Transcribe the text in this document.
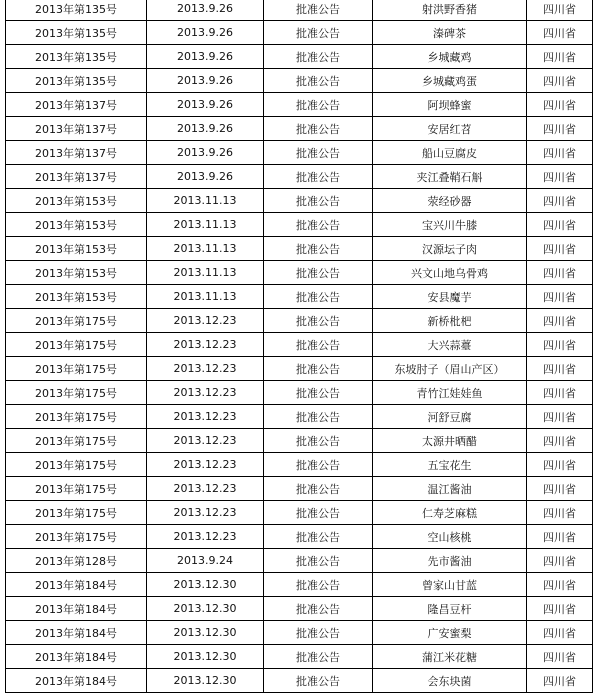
2013年第135号	2013.9.26	批准公告	射洪野香猪	四川省
2013年第135号	2013.9.26	批准公告	溱碑茶	四川省
2013年第135号	2013.9.26	批准公告	乡城藏鸡	四川省
2013年第135号	2013.9.26	批准公告	乡城藏鸡蛋	四川省
2013年第137号	2013.9.26	批准公告	阿坝蜂蜜	四川省
2013年第137号	2013.9.26	批准公告	安居红苕	四川省
2013年第137号	2013.9.26	批准公告	船山豆腐皮	四川省
2013年第137号	2013.9.26	批准公告	夹江叠鞘石斛	四川省
2013年第153号	2013.11.13	批准公告	荥经砂器	四川省
2013年第153号	2013.11.13	批准公告	宝兴川牛膝	四川省
2013年第153号	2013.11.13	批准公告	汉源坛子肉	四川省
2013年第153号	2013.11.13	批准公告	兴文山地乌骨鸡	四川省
2013年第153号	2013.11.13	批准公告	安县魔芋	四川省
2013年第175号	2013.12.23	批准公告	新桥枇杷	四川省
2013年第175号	2013.12.23	批准公告	大兴蒜薹	四川省
2013年第175号	2013.12.23	批准公告	东坡肘子（眉山产区）	四川省
2013年第175号	2013.12.23	批准公告	青竹江娃娃鱼	四川省
2013年第175号	2013.12.23	批准公告	河舒豆腐	四川省
2013年第175号	2013.12.23	批准公告	太源井晒醋	四川省
2013年第175号	2013.12.23	批准公告	五宝花生	四川省
2013年第175号	2013.12.23	批准公告	温江酱油	四川省
2013年第175号	2013.12.23	批准公告	仁寿芝麻糕	四川省
2013年第175号	2013.12.23	批准公告	空山核桃	四川省
2013年第128号	2013.9.24	批准公告	先市酱油	四川省
2013年第184号	2013.12.30	批准公告	曾家山甘蓝	四川省
2013年第184号	2013.12.30	批准公告	隆昌豆杆	四川省
2013年第184号	2013.12.30	批准公告	广安蜜梨	四川省
2013年第184号	2013.12.30	批准公告	蒲江米花糖	四川省
2013年第184号	2013.12.30	批准公告	会东块菌	四川省
